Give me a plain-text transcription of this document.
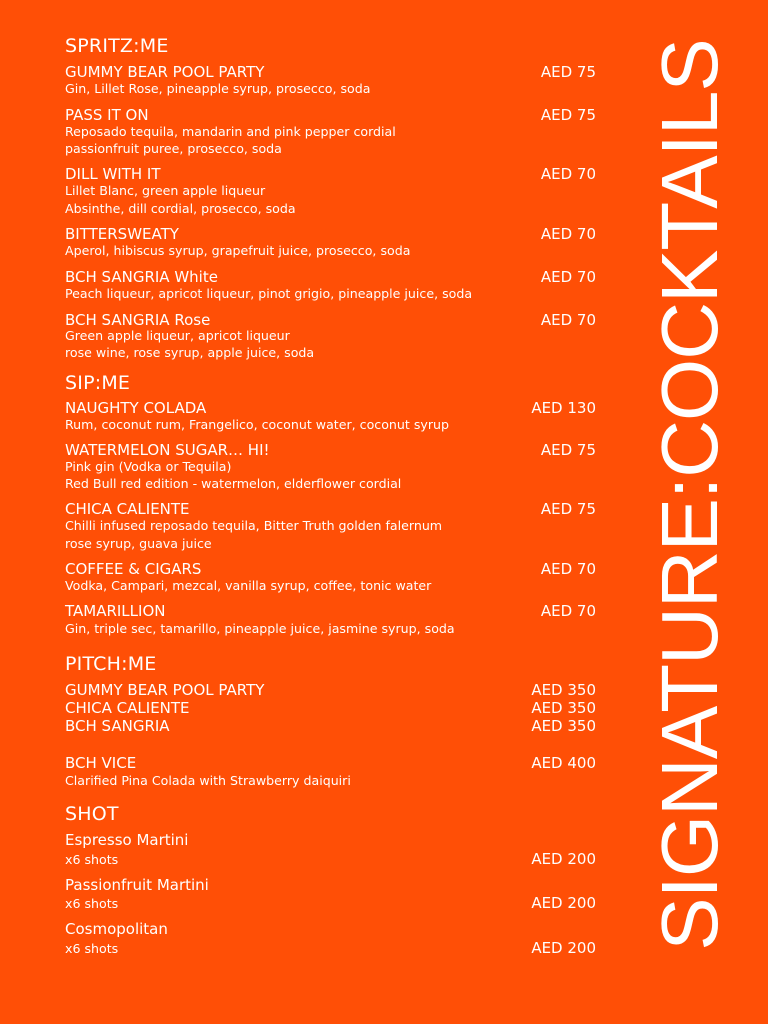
SPRITZ:ME
GUMMY BEAR POOL PARTY	AED 75
Gin, Lillet Rose, pineapple syrup, prosecco, soda
PASS IT ON	AED 75
Reposado tequila, mandarin and pink pepper cordial
passionfruit puree, prosecco, soda
DILL WITH IT	AED 70
Lillet Blanc, green apple liqueur
Absinthe, dill cordial, prosecco, soda
BITTERSWEATY	AED 70
Aperol, hibiscus syrup, grapefruit juice, prosecco, soda
BCH SANGRIA White	AED 70
Peach liqueur, apricot liqueur, pinot grigio, pineapple juice, soda
BCH SANGRIA Rose	AED 70
Green apple liqueur, apricot liqueur
rose wine, rose syrup, apple juice, soda
SIP:ME
NAUGHTY COLADA	AED 130
Rum, coconut rum, Frangelico, coconut water, coconut syrup
WATERMELON SUGAR… HI!	AED 75
Pink gin (Vodka or Tequila)
Red Bull red edition - watermelon, elderflower cordial
CHICA CALIENTE	AED 75
Chilli infused reposado tequila, Bitter Truth golden falernum
rose syrup, guava juice
COFFEE & CIGARS	AED 70
Vodka, Campari, mezcal, vanilla syrup, coffee, tonic water
TAMARILLION	AED 70
Gin, triple sec, tamarillo, pineapple juice, jasmine syrup, soda
PITCH:ME
GUMMY BEAR POOL PARTY	AED 350
CHICA CALIENTE	AED 350
BCH SANGRIA	AED 350
BCH VICE	AED 400
Clarified Pina Colada with Strawberry daiquiri
SHOT
Espresso Martini
x6 shots	AED 200
Passionfruit Martini
x6 shots	AED 200
Cosmopolitan
x6 shots	AED 200 SIGNATURE:COCKTAILS
